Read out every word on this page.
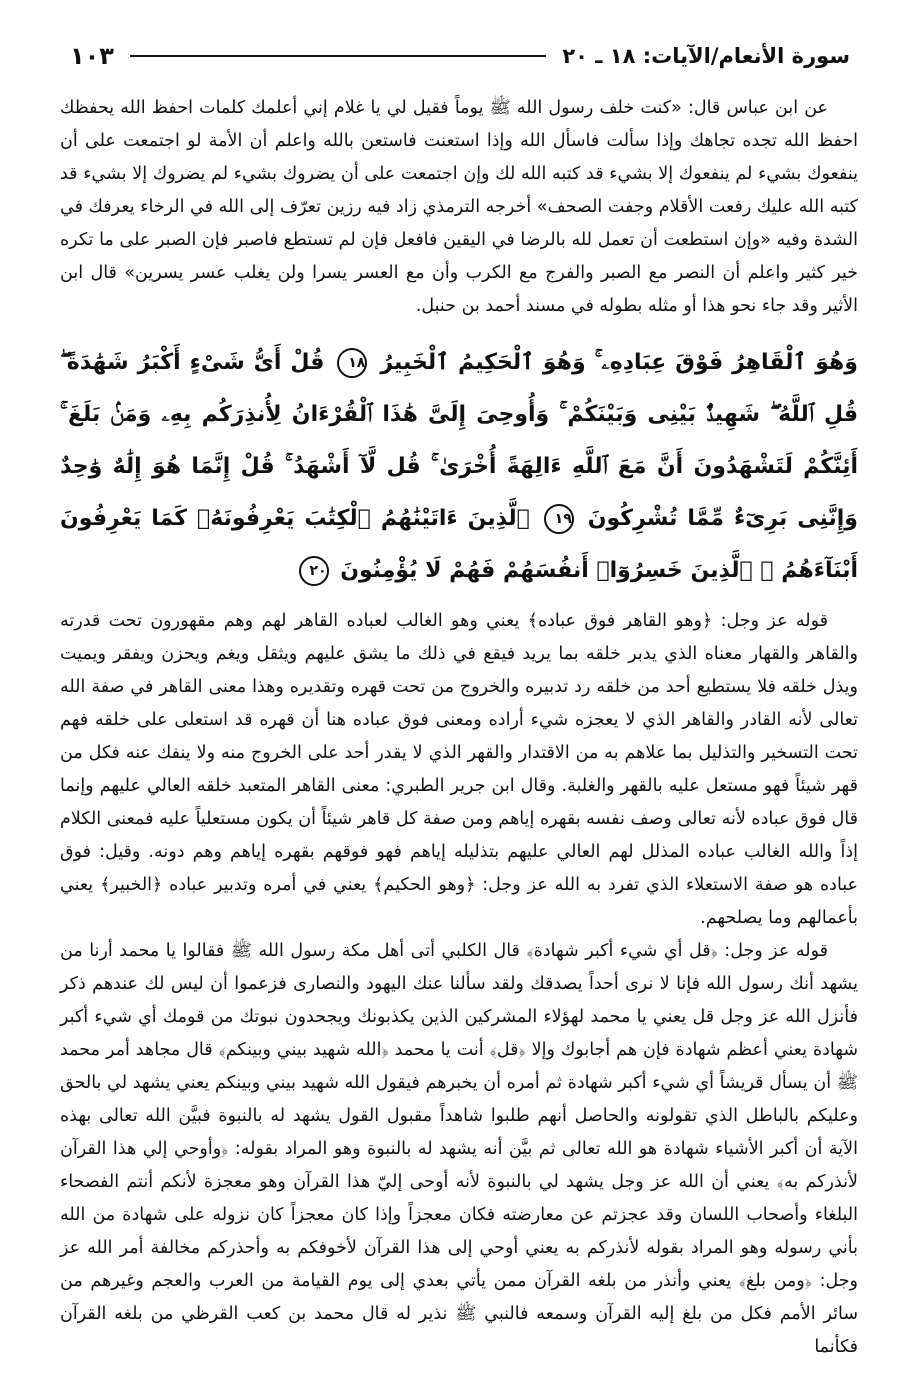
سورة الأنعام/الآيات: ١٨ ـ ٢٠
١٠٣

عن ابن عباس قال: «كنت خلف رسول الله ﷺ يوماً فقيل لي يا غلام إني أعلمك كلمات احفظ الله يحفظك احفظ الله تجده تجاهك وإذا سألت فاسأل الله وإذا استعنت فاستعن بالله واعلم أن الأمة لو اجتمعت على أن ينفعوك بشيء لم ينفعوك إلا بشيء قد كتبه الله لك وإن اجتمعت على أن يضروك بشيء لم يضروك إلا بشيء قد كتبه الله عليك رفعت الأقلام وجفت الصحف» أخرجه الترمذي زاد فيه رزين تعرّف إلى الله في الرخاء يعرفك في الشدة وفيه «وإن استطعت أن تعمل لله بالرضا في اليقين فافعل فإن لم تستطع فاصبر فإن الصبر على ما تكره خير كثير واعلم أن النصر مع الصبر والفرج مع الكرب وأن مع العسر يسرا ولن يغلب عسر يسرين» قال ابن الأثير وقد جاء نحو هذا أو مثله بطوله في مسند أحمد بن حنبل.

وَهُوَ ٱلْقَاهِرُ فَوْقَ عِبَادِهِۦ ۚ وَهُوَ ٱلْحَكِيمُ ٱلْخَبِيرُ ١٨ قُلْ أَىُّ شَىْءٍ أَكْبَرُ شَهَٰدَةً ۖ قُلِ ٱللَّهُ ۖ شَهِيدٌۢ بَيْنِى وَبَيْنَكُمْ ۚ وَأُوحِىَ إِلَىَّ هَٰذَا ٱلْقُرْءَانُ لِأُنذِرَكُم بِهِۦ وَمَنۢ بَلَغَ ۚ أَئِنَّكُمْ لَتَشْهَدُونَ أَنَّ مَعَ ٱللَّهِ ءَالِهَةً أُخْرَىٰ ۚ قُل لَّآ أَشْهَدُ ۚ قُلْ إِنَّمَا هُوَ إِلَٰهٌ وَٰحِدٌ وَإِنَّنِى بَرِىٓءٌ مِّمَّا تُشْرِكُونَ ١٩ ٱلَّذِينَ ءَاتَيْنَٰهُمُ ٱلْكِتَٰبَ يَعْرِفُونَهُۥ كَمَا يَعْرِفُونَ أَبْنَآءَهُمُ ۘ ٱلَّذِينَ خَسِرُوٓا۟ أَنفُسَهُمْ فَهُمْ لَا يُؤْمِنُونَ ٢٠

قوله عز وجل: ﴿وهو القاهر فوق عباده﴾ يعني وهو الغالب لعباده القاهر لهم وهم مقهورون تحت قدرته والقاهر والقهار معناه الذي يدبر خلقه بما يريد فيقع في ذلك ما يشق عليهم ويثقل ويغم ويحزن ويفقر ويميت ويذل خلقه فلا يستطيع أحد من خلقه رد تدبيره والخروج من تحت قهره وتقديره وهذا معنى القاهر في صفة الله تعالى لأنه القادر والقاهر الذي لا يعجزه شيء أراده ومعنى فوق عباده هنا أن قهره قد استعلى على خلقه فهم تحت التسخير والتذليل بما علاهم به من الاقتدار والقهر الذي لا يقدر أحد على الخروج منه ولا ينفك عنه فكل من قهر شيئاً فهو مستعل عليه بالقهر والغلبة. وقال ابن جرير الطبري: معنى القاهر المتعبد خلقه العالي عليهم وإنما قال فوق عباده لأنه تعالى وصف نفسه بقهره إياهم ومن صفة كل قاهر شيئاً أن يكون مستعلياً عليه فمعنى الكلام إذاً والله الغالب عباده المذلل لهم العالي عليهم بتذليله إياهم فهو فوقهم بقهره إياهم وهم دونه. وقيل: فوق عباده هو صفة الاستعلاء الذي تفرد به الله عز وجل: ﴿وهو الحكيم﴾ يعني في أمره وتدبير عباده ﴿الخبير﴾ يعني بأعمالهم وما يصلحهم.

قوله عز وجل: ﴿قل أي شيء أكبر شهادة﴾ قال الكلبي أتى أهل مكة رسول الله ﷺ فقالوا يا محمد أرنا من يشهد أنك رسول الله فإنا لا نرى أحداً يصدقك ولقد سألنا عنك اليهود والنصارى فزعموا أن ليس لك عندهم ذكر فأنزل الله عز وجل قل يعني يا محمد لهؤلاء المشركين الذين يكذبونك ويجحدون نبوتك من قومك أي شيء أكبر شهادة يعني أعظم شهادة فإن هم أجابوك وإلا ﴿قل﴾ أنت يا محمد ﴿الله شهيد بيني وبينكم﴾ قال مجاهد أمر محمد ﷺ أن يسأل قريشاً أي شيء أكبر شهادة ثم أمره أن يخبرهم فيقول الله شهيد بيني وبينكم يعني يشهد لي بالحق وعليكم بالباطل الذي تقولونه والحاصل أنهم طلبوا شاهداً مقبول القول يشهد له بالنبوة فبيَّن الله تعالى بهذه الآية أن أكبر الأشياء شهادة هو الله تعالى ثم بيَّن أنه يشهد له بالنبوة وهو المراد بقوله: ﴿وأوحي إلي هذا القرآن لأنذركم به﴾ يعني أن الله عز وجل يشهد لي بالنبوة لأنه أوحى إليّ هذا القرآن وهو معجزة لأنكم أنتم الفصحاء البلغاء وأصحاب اللسان وقد عجزتم عن معارضته فكان معجزاً وإذا كان معجزاً كان نزوله على شهادة من الله بأني رسوله وهو المراد بقوله لأنذركم به يعني أوحي إلى هذا القرآن لأخوفكم به وأحذركم مخالفة أمر الله عز وجل: ﴿ومن بلغ﴾ يعني وأنذر من بلغه القرآن ممن يأتي بعدي إلى يوم القيامة من العرب والعجم وغيرهم من سائر الأمم فكل من بلغ إليه القرآن وسمعه فالنبي ﷺ نذير له قال محمد بن كعب القرظي من بلغه القرآن فكأنما
